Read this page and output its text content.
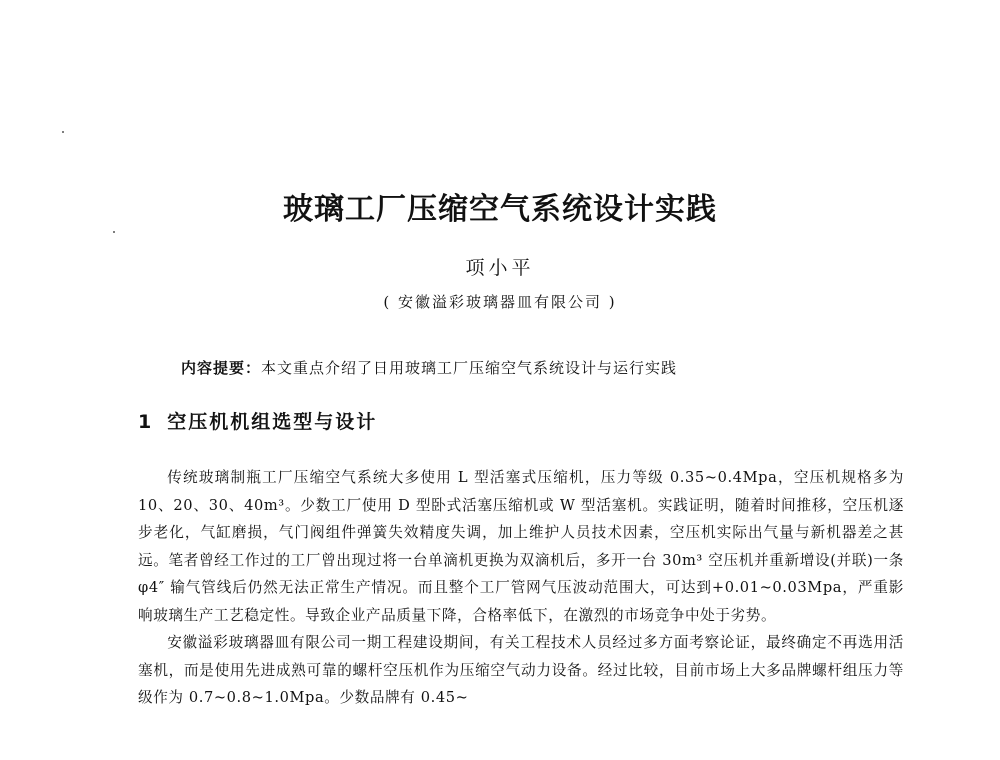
玻璃工厂压缩空气系统设计实践
项小平
( 安徽溢彩玻璃器皿有限公司 )
内容提要：本文重点介绍了日用玻璃工厂压缩空气系统设计与运行实践
1 空压机机组选型与设计

传统玻璃制瓶工厂压缩空气系统大多使用 L 型活塞式压缩机，压力等级 0.35~0.4Mpa，空压机规格多为 10、20、30、40m³。少数工厂使用 D 型卧式活塞压缩机或 W 型活塞机。实践证明，随着时间推移，空压机逐步老化，气缸磨损，气门阀组件弹簧失效精度失调，加上维护人员技术因素，空压机实际出气量与新机器差之甚远。笔者曾经工作过的工厂曾出现过将一台单滴机更换为双滴机后，多开一台 30m³ 空压机并重新增设(并联)一条 φ4″ 输气管线后仍然无法正常生产情况。而且整个工厂管网气压波动范围大，可达到+0.01~0.03Mpa，严重影响玻璃生产工艺稳定性。导致企业产品质量下降，合格率低下，在激烈的市场竞争中处于劣势。

安徽溢彩玻璃器皿有限公司一期工程建设期间，有关工程技术人员经过多方面考察论证，最终确定不再选用活塞机，而是使用先进成熟可靠的螺杆空压机作为压缩空气动力设备。经过比较，目前市场上大多品牌螺杆组压力等级作为 0.7~0.8~1.0Mpa。少数品牌有 0.45~
